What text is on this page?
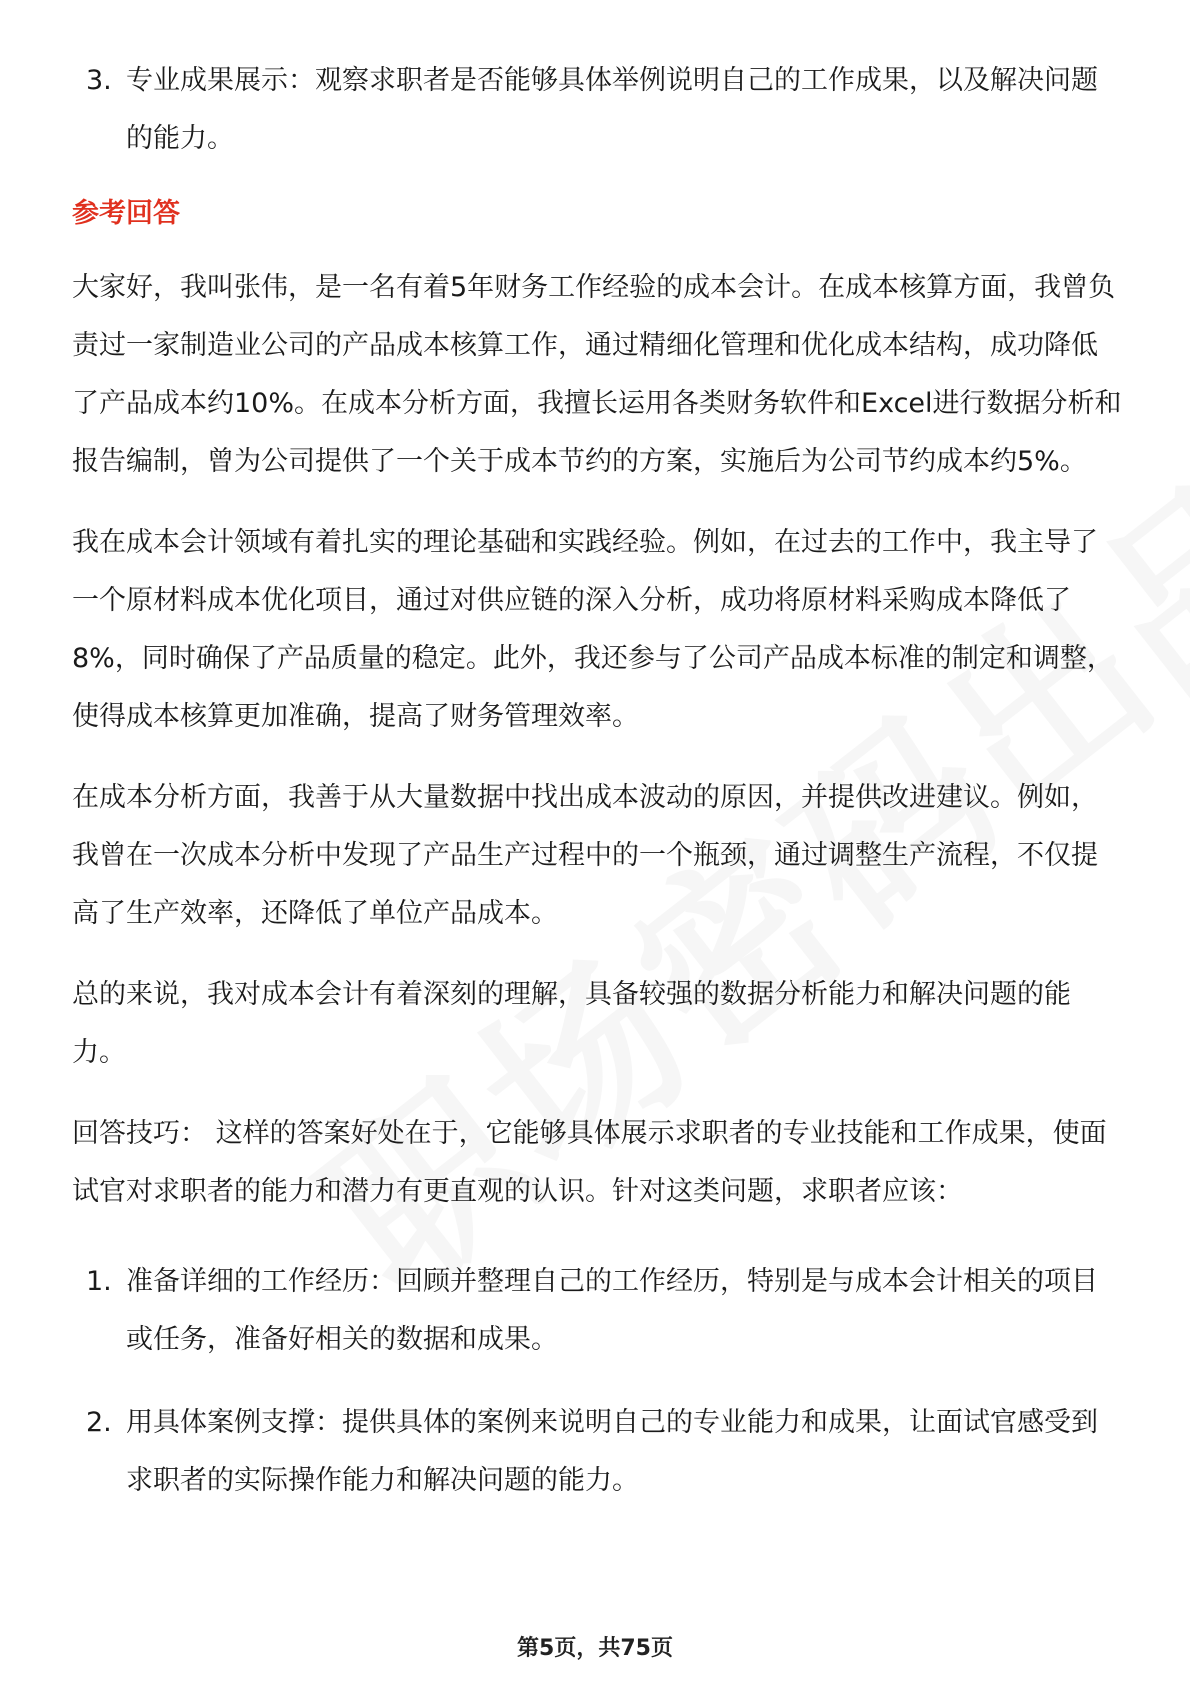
3. 专业成果展示：观察求职者是否能够具体举例说明自己的工作成果，以及解决问题的能力。
参考回答
大家好，我叫张伟，是一名有着5年财务工作经验的成本会计。在成本核算方面，我曾负责过一家制造业公司的产品成本核算工作，通过精细化管理和优化成本结构，成功降低了产品成本约10%。在成本分析方面，我擅长运用各类财务软件和Excel进行数据分析和报告编制，曾为公司提供了一个关于成本节约的方案，实施后为公司节约成本约5%。
我在成本会计领域有着扎实的理论基础和实践经验。例如，在过去的工作中，我主导了一个原材料成本优化项目，通过对供应链的深入分析，成功将原材料采购成本降低了8%，同时确保了产品质量的稳定。此外，我还参与了公司产品成本标准的制定和调整，使得成本核算更加准确，提高了财务管理效率。
在成本分析方面，我善于从大量数据中找出成本波动的原因，并提供改进建议。例如，我曾在一次成本分析中发现了产品生产过程中的一个瓶颈，通过调整生产流程，不仅提高了生产效率，还降低了单位产品成本。
总的来说，我对成本会计有着深刻的理解，具备较强的数据分析能力和解决问题的能力。
回答技巧： 这样的答案好处在于，它能够具体展示求职者的专业技能和工作成果，使面试官对求职者的能力和潜力有更直观的认识。针对这类问题，求职者应该：
1. 准备详细的工作经历：回顾并整理自己的工作经历，特别是与成本会计相关的项目或任务，准备好相关的数据和成果。
2. 用具体案例支撑：提供具体的案例来说明自己的专业能力和成果，让面试官感受到求职者的实际操作能力和解决问题的能力。
第5页，共75页
